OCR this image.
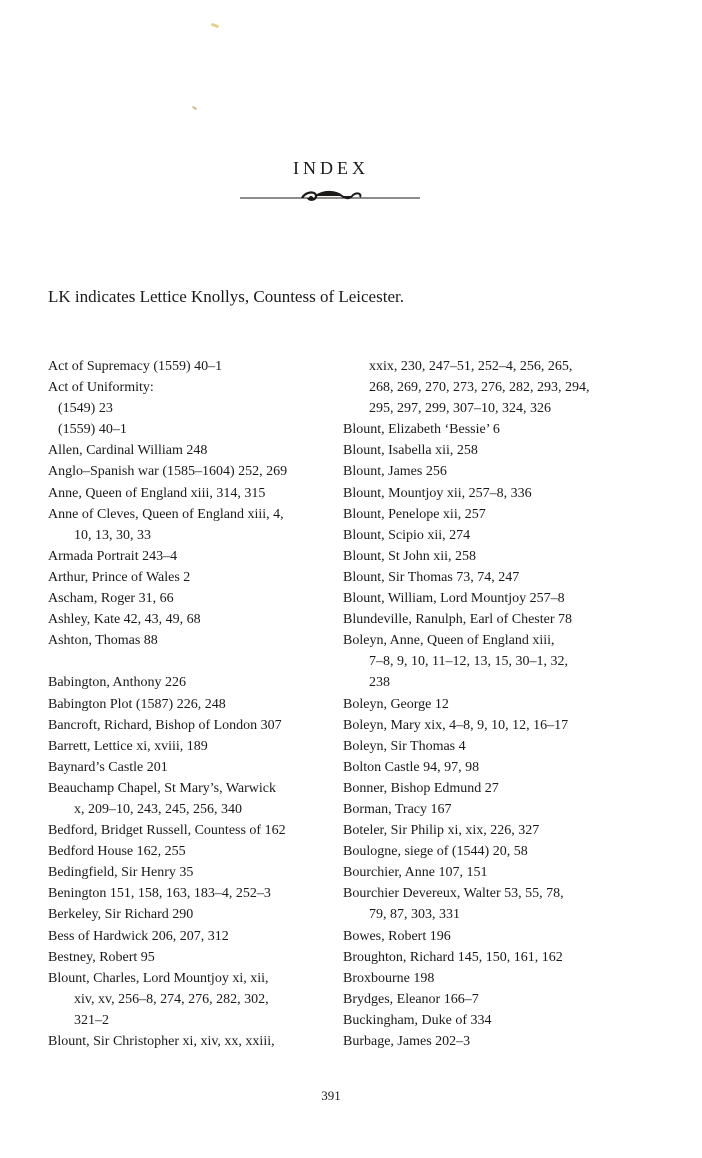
INDEX

LK indicates Lettice Knollys, Countess of Leicester.

Act of Supremacy (1559) 40–1
Act of Uniformity:
(1549) 23
(1559) 40–1
Allen, Cardinal William 248
Anglo–Spanish war (1585–1604) 252, 269
Anne, Queen of England xiii, 314, 315
Anne of Cleves, Queen of England xiii, 4,
10, 13, 30, 33
Armada Portrait 243–4
Arthur, Prince of Wales 2
Ascham, Roger 31, 66
Ashley, Kate 42, 43, 49, 68
Ashton, Thomas 88
Babington, Anthony 226
Babington Plot (1587) 226, 248
Bancroft, Richard, Bishop of London 307
Barrett, Lettice xi, xviii, 189
Baynard’s Castle 201
Beauchamp Chapel, St Mary’s, Warwick
x, 209–10, 243, 245, 256, 340
Bedford, Bridget Russell, Countess of 162
Bedford House 162, 255
Bedingfield, Sir Henry 35
Benington 151, 158, 163, 183–4, 252–3
Berkeley, Sir Richard 290
Bess of Hardwick 206, 207, 312
Bestney, Robert 95
Blount, Charles, Lord Mountjoy xi, xii,
xiv, xv, 256–8, 274, 276, 282, 302,
321–2
Blount, Sir Christopher xi, xiv, xx, xxiii,
xxix, 230, 247–51, 252–4, 256, 265,
268, 269, 270, 273, 276, 282, 293, 294,
295, 297, 299, 307–10, 324, 326
Blount, Elizabeth ‘Bessie’ 6
Blount, Isabella xii, 258
Blount, James 256
Blount, Mountjoy xii, 257–8, 336
Blount, Penelope xii, 257
Blount, Scipio xii, 274
Blount, St John xii, 258
Blount, Sir Thomas 73, 74, 247
Blount, William, Lord Mountjoy 257–8
Blundeville, Ranulph, Earl of Chester 78
Boleyn, Anne, Queen of England xiii,
7–8, 9, 10, 11–12, 13, 15, 30–1, 32,
238
Boleyn, George 12
Boleyn, Mary xix, 4–8, 9, 10, 12, 16–17
Boleyn, Sir Thomas 4
Bolton Castle 94, 97, 98
Bonner, Bishop Edmund 27
Borman, Tracy 167
Boteler, Sir Philip xi, xix, 226, 327
Boulogne, siege of (1544) 20, 58
Bourchier, Anne 107, 151
Bourchier Devereux, Walter 53, 55, 78,
79, 87, 303, 331
Bowes, Robert 196
Broughton, Richard 145, 150, 161, 162
Broxbourne 198
Brydges, Eleanor 166–7
Buckingham, Duke of 334
Burbage, James 202–3
391
